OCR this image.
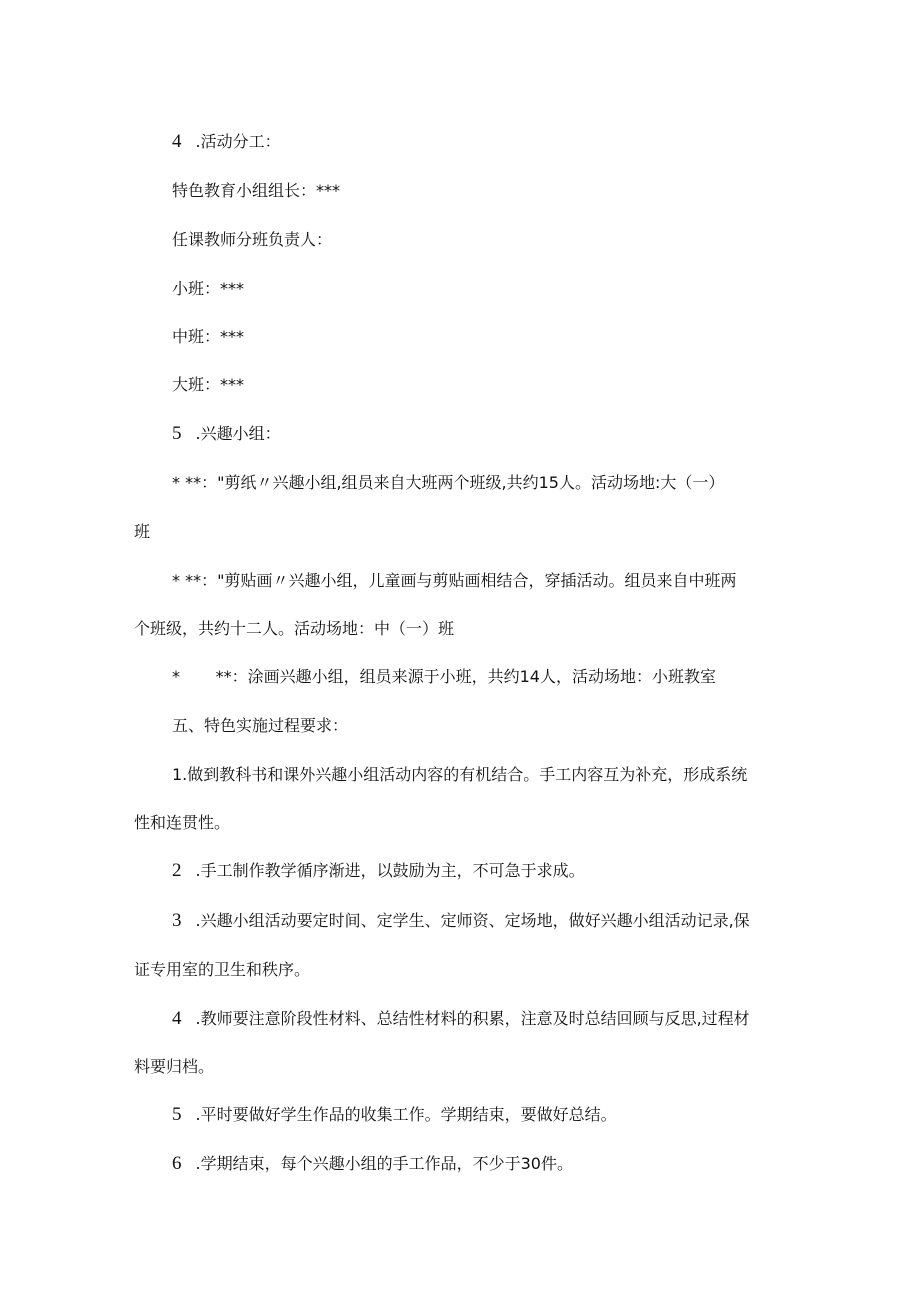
4 .活动分工：
特色教育小组组长：***
任课教师分班负责人：
小班：***
中班：***
大班：***
5 .兴趣小组：
* **："剪纸〃兴趣小组,组员来自大班两个班级,共约15人。活动场地:大（一）
班
* **："剪贴画〃兴趣小组，儿童画与剪贴画相结合，穿插活动。组员来自中班两
个班级，共约十二人。活动场地：中（一）班
*       **：涂画兴趣小组，组员来源于小班，共约14人，活动场地：小班教室
五、特色实施过程要求：
1.做到教科书和课外兴趣小组活动内容的有机结合。手工内容互为补充，形成系统
性和连贯性。
2 .手工制作教学循序渐进，以鼓励为主，不可急于求成。
3 .兴趣小组活动要定时间、定学生、定师资、定场地，做好兴趣小组活动记录,保
证专用室的卫生和秩序。
4 .教师要注意阶段性材料、总结性材料的积累，注意及时总结回顾与反思,过程材
料要归档。
5 .平时要做好学生作品的收集工作。学期结束，要做好总结。
6 .学期结束，每个兴趣小组的手工作品，不少于30件。
